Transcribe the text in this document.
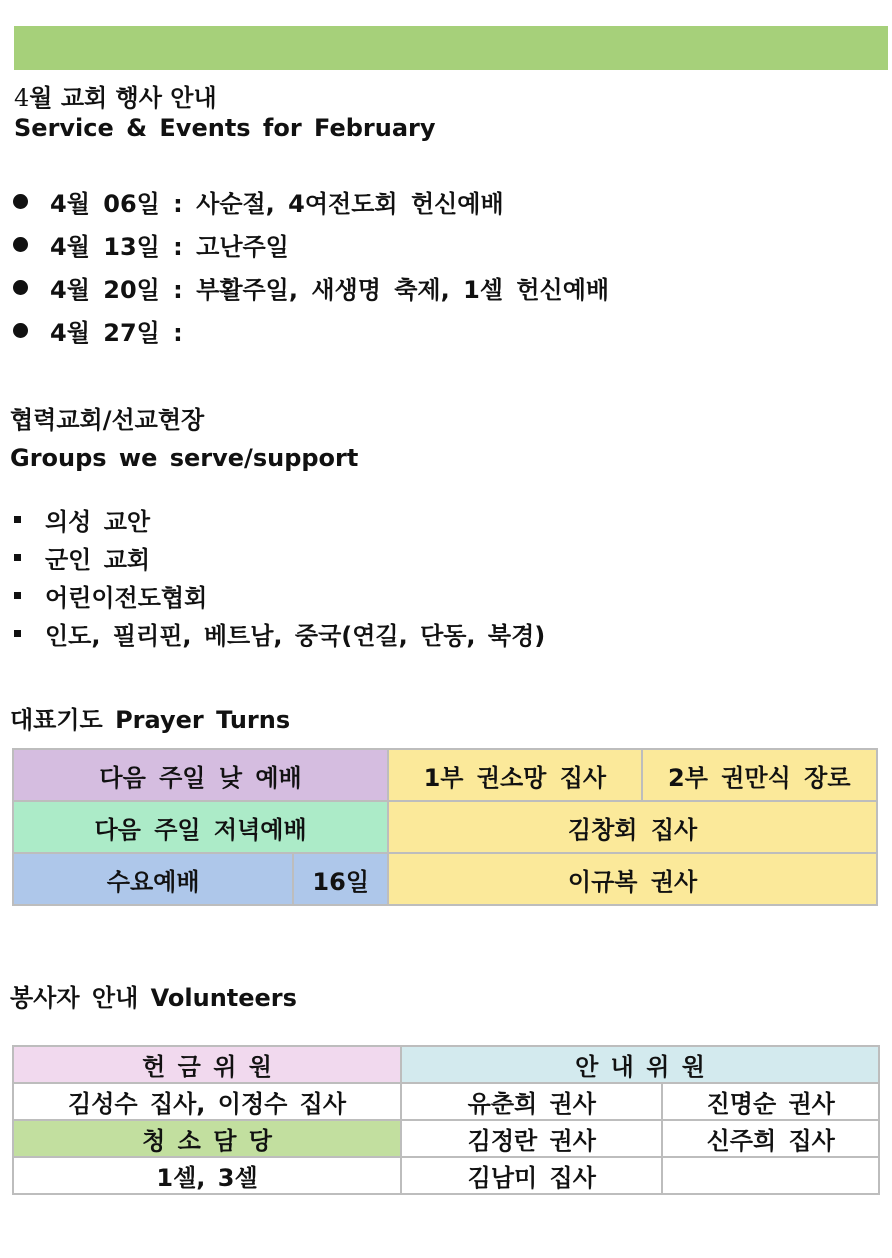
4월 교회 행사 안내
Service & Events for February
4월 06일 : 사순절, 4여전도회 헌신예배
4월 13일 : 고난주일
4월 20일 : 부활주일, 새생명 축제, 1셀 헌신예배
4월 27일 :
협력교회/선교현장
Groups we serve/support
의성 교안
군인 교회
어린이전도협회
인도, 필리핀, 베트남, 중국(연길, 단동, 북경)
대표기도 Prayer Turns
다음 주일 낮 예배		1부 권소망 집사	2부 권만식 장로
다음 주일 저녁예배		김창회 집사	
수요예배	16일	이규복 권사	
봉사자 안내 Volunteers
헌 금 위 원	안 내 위 원	
김성수 집사, 이정수 집사	유춘희 권사	진명순 권사
청 소 담 당	김정란 권사	신주희 집사
1셀, 3셀	김남미 집사	
